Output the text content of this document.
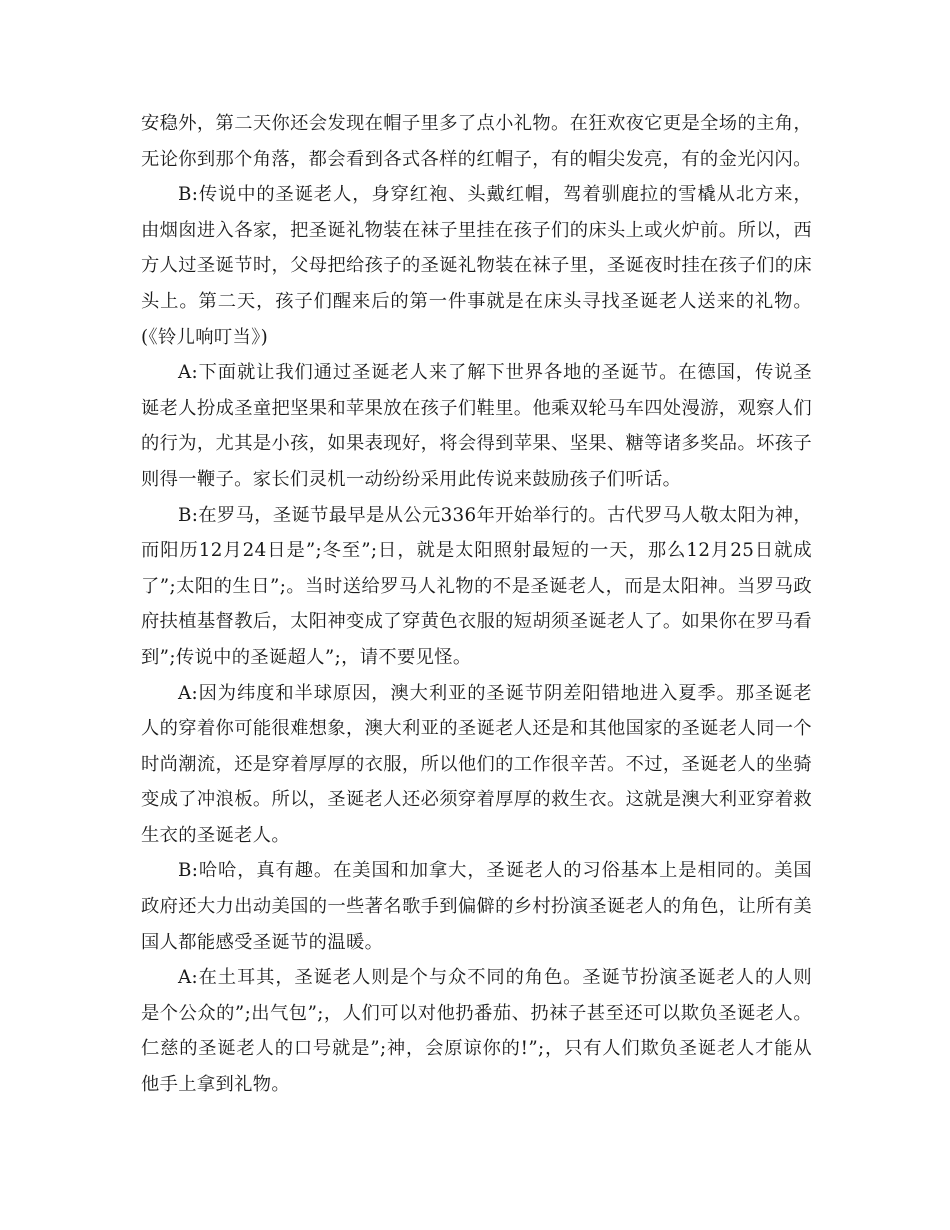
安稳外，第二天你还会发现在帽子里多了点小礼物。在狂欢夜它更是全场的主角，无论你到那个角落，都会看到各式各样的红帽子，有的帽尖发亮，有的金光闪闪。

B:传说中的圣诞老人，身穿红袍、头戴红帽，驾着驯鹿拉的雪橇从北方来，由烟囱进入各家，把圣诞礼物装在袜子里挂在孩子们的床头上或火炉前。所以，西方人过圣诞节时，父母把给孩子的圣诞礼物装在袜子里，圣诞夜时挂在孩子们的床头上。第二天，孩子们醒来后的第一件事就是在床头寻找圣诞老人送来的礼物。(《铃儿响叮当》)

A:下面就让我们通过圣诞老人来了解下世界各地的圣诞节。在德国，传说圣诞老人扮成圣童把坚果和苹果放在孩子们鞋里。他乘双轮马车四处漫游，观察人们的行为，尤其是小孩，如果表现好，将会得到苹果、坚果、糖等诸多奖品。坏孩子则得一鞭子。家长们灵机一动纷纷采用此传说来鼓励孩子们听话。

B:在罗马，圣诞节最早是从公元336年开始举行的。古代罗马人敬太阳为神，而阳历12月24日是”;冬至”;日，就是太阳照射最短的一天，那么12月25日就成了”;太阳的生日”;。当时送给罗马人礼物的不是圣诞老人，而是太阳神。当罗马政府扶植基督教后，太阳神变成了穿黄色衣服的短胡须圣诞老人了。如果你在罗马看到”;传说中的圣诞超人”;，请不要见怪。

A:因为纬度和半球原因，澳大利亚的圣诞节阴差阳错地进入夏季。那圣诞老人的穿着你可能很难想象，澳大利亚的圣诞老人还是和其他国家的圣诞老人同一个时尚潮流，还是穿着厚厚的衣服，所以他们的工作很辛苦。不过，圣诞老人的坐骑变成了冲浪板。所以，圣诞老人还必须穿着厚厚的救生衣。这就是澳大利亚穿着救生衣的圣诞老人。

B:哈哈，真有趣。在美国和加拿大，圣诞老人的习俗基本上是相同的。美国政府还大力出动美国的一些著名歌手到偏僻的乡村扮演圣诞老人的角色，让所有美国人都能感受圣诞节的温暖。

A:在土耳其，圣诞老人则是个与众不同的角色。圣诞节扮演圣诞老人的人则是个公众的”;出气包”;，人们可以对他扔番茄、扔袜子甚至还可以欺负圣诞老人。仁慈的圣诞老人的口号就是”;神，会原谅你的!”;，只有人们欺负圣诞老人才能从他手上拿到礼物。
